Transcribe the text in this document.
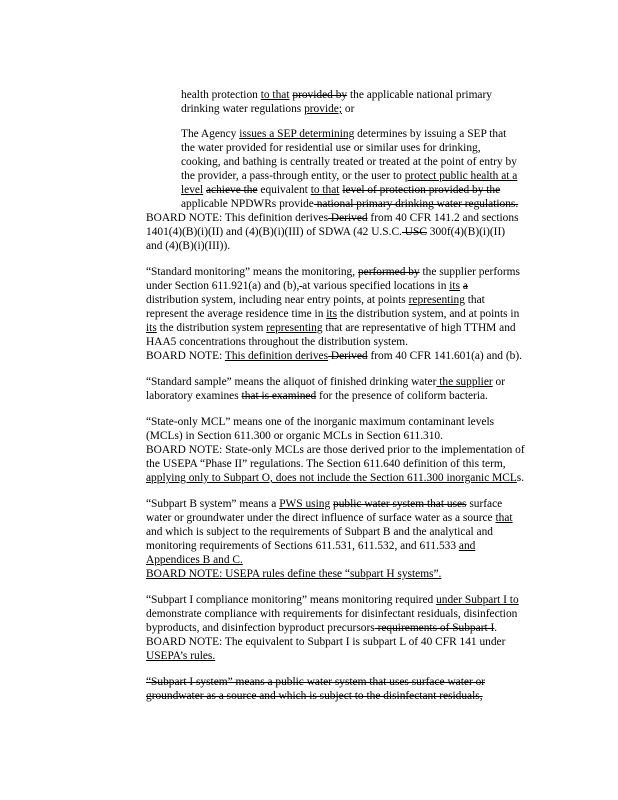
health protection to that provided by the applicable national primary
drinking water regulations provide; or
The Agency issues a SEP determining determines by issuing a SEP that
the water provided for residential use or similar uses for drinking,
cooking, and bathing is centrally treated or treated at the point of entry by
the provider, a pass-through entity, or the user to protect public health at a
level achieve the equivalent to that level of protection provided by the
applicable NPDWRs provide national primary drinking water regulations.
BOARD NOTE: This definition derives Derived from 40 CFR 141.2 and sections
1401(4)(B)(i)(II) and (4)(B)(i)(III) of SDWA (42 U.S.C. USC 300f(4)(B)(i)(II)
and (4)(B)(i)(III)).
“Standard monitoring” means the monitoring, performed by the supplier performs
under Section 611.921(a) and (b), at various specified locations in its a
distribution system, including near entry points, at points representing that
represent the average residence time in its the distribution system, and at points in
its the distribution system representing that are representative of high TTHM and
HAA5 concentrations throughout the distribution system.
BOARD NOTE: This definition derives Derived from 40 CFR 141.601(a) and (b).
“Standard sample” means the aliquot of finished drinking water the supplier or
laboratory examines that is examined for the presence of coliform bacteria.
“State-only MCL” means one of the inorganic maximum contaminant levels
(MCLs) in Section 611.300 or organic MCLs in Section 611.310.
BOARD NOTE: State-only MCLs are those derived prior to the implementation of
the USEPA “Phase II” regulations. The Section 611.640 definition of this term,
applying only to Subpart O, does not include the Section 611.300 inorganic MCLs.
“Subpart B system” means a PWS using public water system that uses surface
water or groundwater under the direct influence of surface water as a source that
and which is subject to the requirements of Subpart B and the analytical and
monitoring requirements of Sections 611.531, 611.532, and 611.533 and
Appendices B and C.
BOARD NOTE: USEPA rules define these “subpart H systems”.
“Subpart I compliance monitoring” means monitoring required under Subpart I to
demonstrate compliance with requirements for disinfectant residuals, disinfection
byproducts, and disinfection byproduct precursors requirements of Subpart I.
BOARD NOTE: The equivalent to Subpart I is subpart L of 40 CFR 141 under
USEPA’s rules.
“Subpart I system” means a public water system that uses surface water or
groundwater as a source and which is subject to the disinfectant residuals,
